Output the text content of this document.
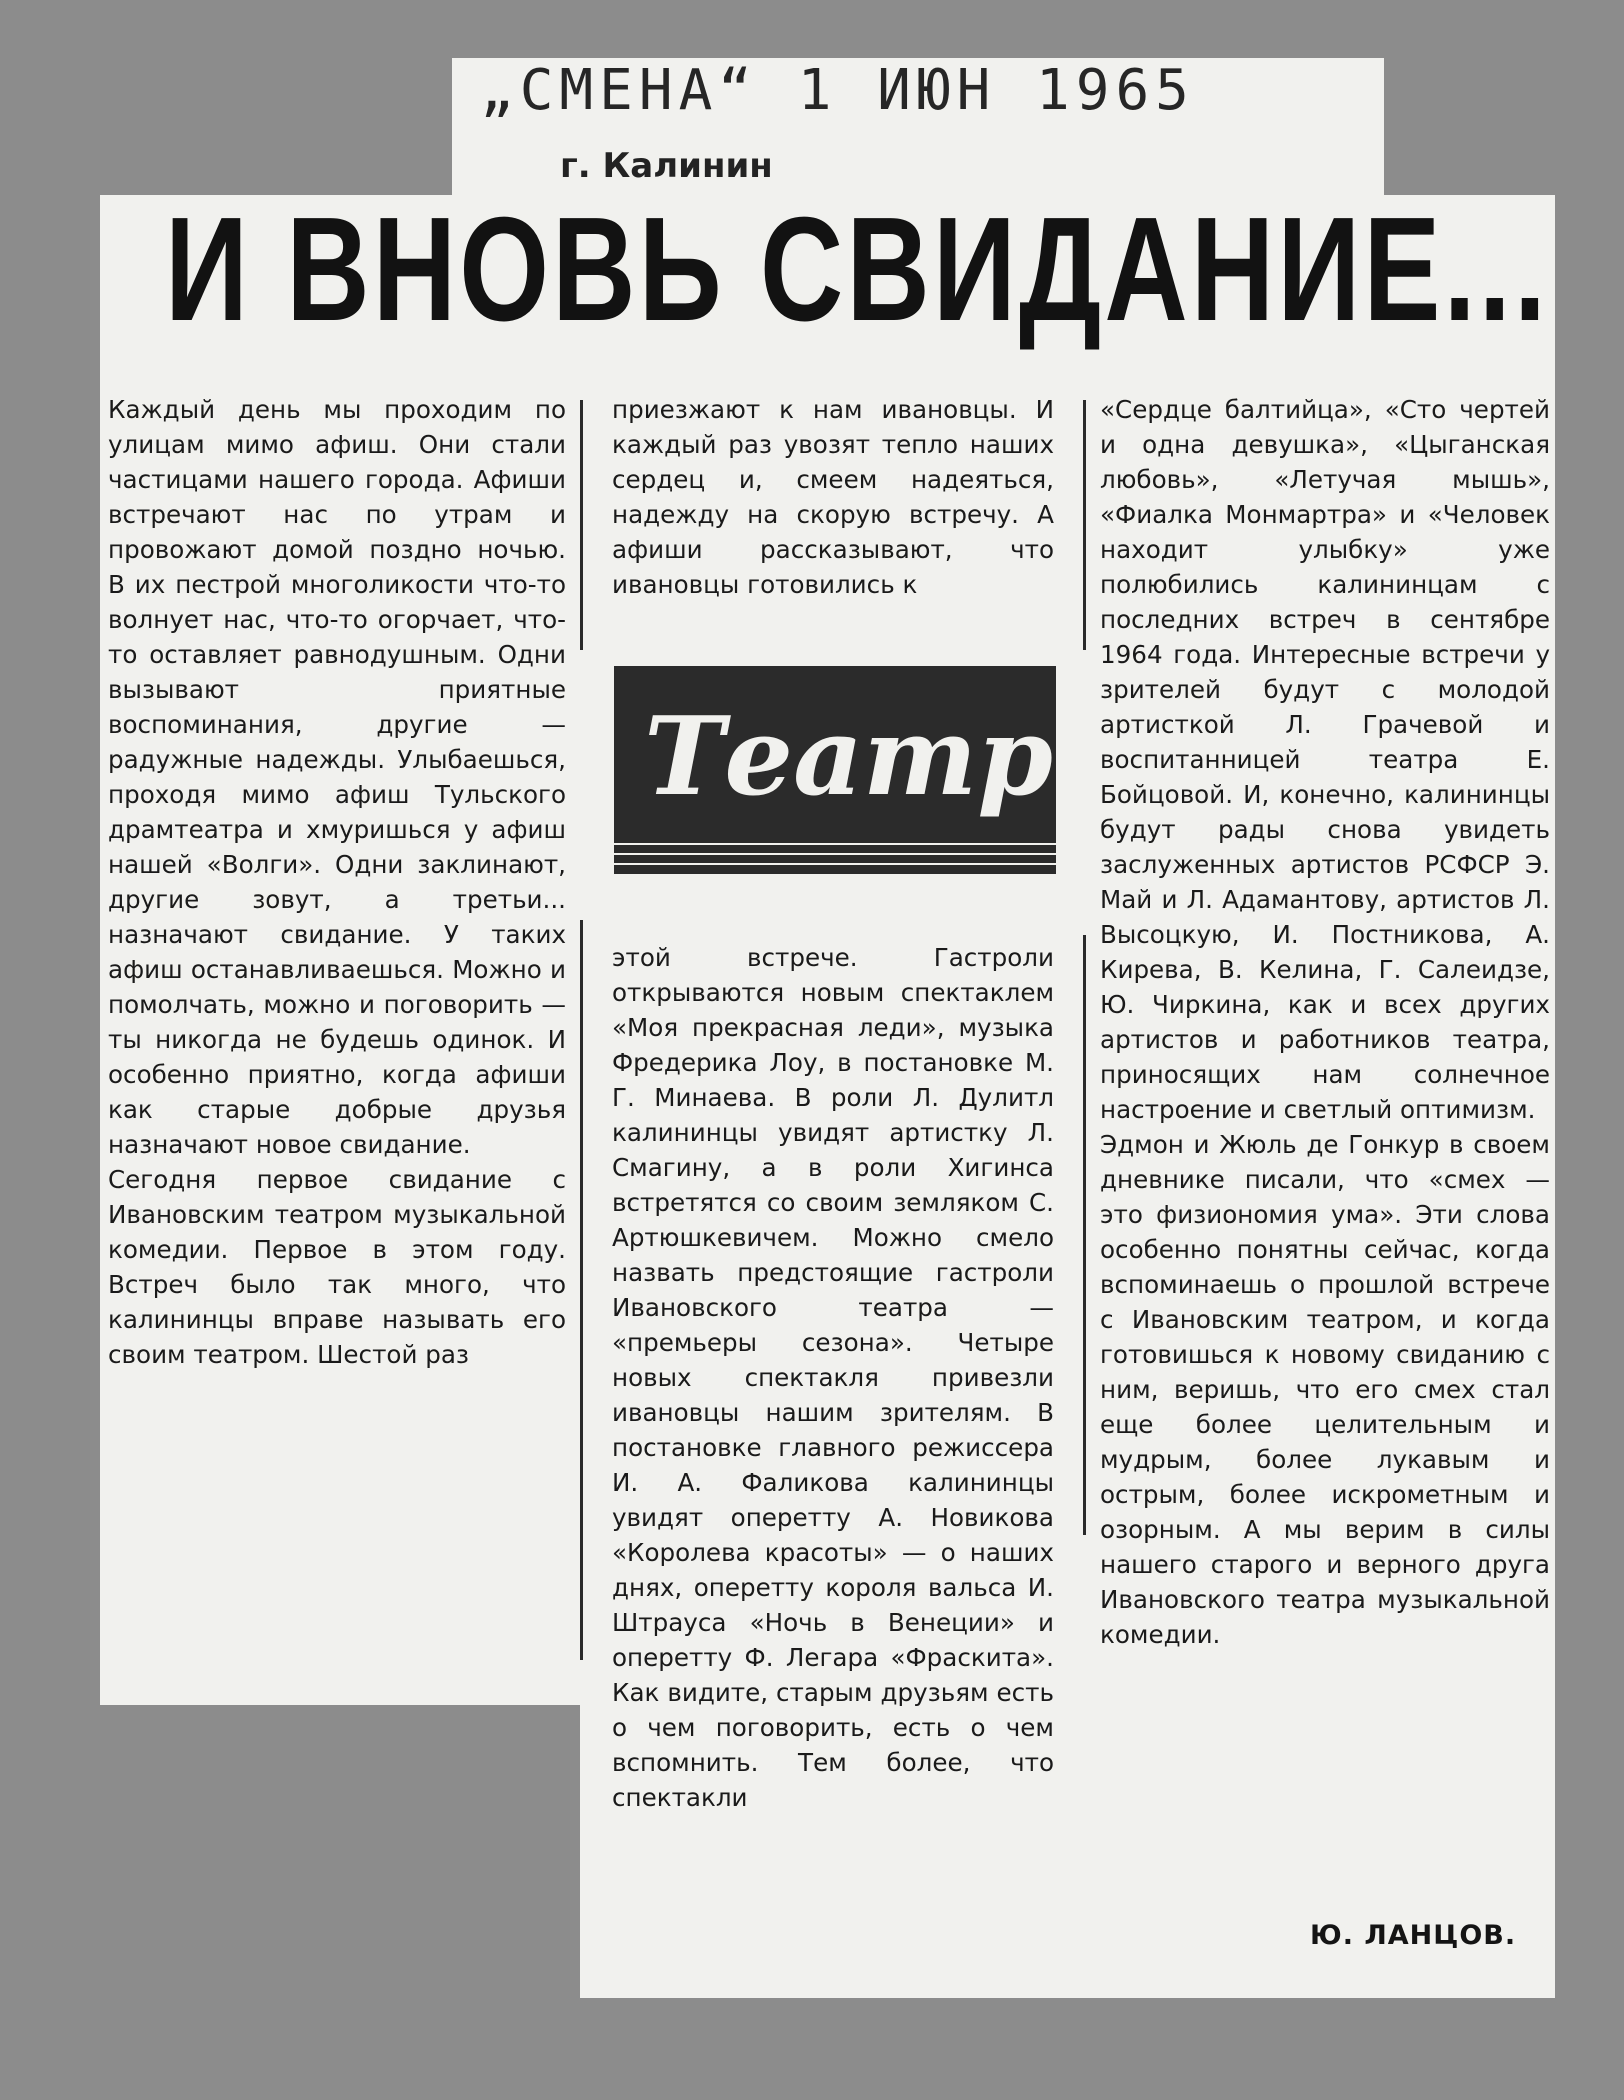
„СМЕНА“ 1 ИЮН 1965
г. Калинин
И ВНОВЬ СВИДАНИЕ...

Каждый день мы проходим по улицам мимо афиш. Они стали частицами нашего города. Афиши встречают нас по утрам и провожают домой поздно ночью. В их пестрой многоликости что-то волнует нас, что-то огорчает, что-то оставляет равнодушным. Одни вызывают приятные воспоминания, другие — радужные надежды. Улыбаешься, проходя мимо афиш Тульского драмтеатра и хмуришься у афиш нашей «Волги». Одни заклинают, другие зовут, а третьи... назначают свидание. У таких афиш останавливаешься. Можно и помолчать, можно и поговорить — ты никогда не будешь одинок. И особенно приятно, когда афиши как старые добрые друзья назначают новое свидание.
Сегодня первое свидание с Ивановским театром музыкальной комедии. Первое в этом году. Встреч было так много, что калининцы вправе называть его своим театром. Шестой раз

приезжают к нам ивановцы. И каждый раз увозят тепло наших сердец и, смеем надеяться, надежду на скорую встречу. А афиши рассказывают, что ивановцы готовились к

Театр

этой встрече. Гастроли открываются новым спектаклем «Моя прекрасная леди», музыка Фредерика Лоу, в постановке М. Г. Минаева. В роли Л. Дулитл калининцы увидят артистку Л. Смагину, а в роли Хигинса встретятся со своим земляком С. Артюшкевичем. Можно смело назвать предстоящие гастроли Ивановского театра — «премьеры сезона». Четыре новых спектакля привезли ивановцы нашим зрителям. В постановке главного режиссера И. А. Фаликова калининцы увидят оперетту А. Новикова «Королева красоты» — о наших днях, оперетту короля вальса И. Штрауса «Ночь в Венеции» и оперетту Ф. Легара «Фраскита». Как видите, старым друзьям есть о чем поговорить, есть о чем вспомнить. Тем более, что спектакли

«Сердце балтийца», «Сто чертей и одна девушка», «Цыганская любовь», «Летучая мышь», «Фиалка Монмартра» и «Человек находит улыбку» уже полюбились калининцам с последних встреч в сентябре 1964 года. Интересные встречи у зрителей будут с молодой артисткой Л. Грачевой и воспитанницей театра Е. Бойцовой. И, конечно, калининцы будут рады снова увидеть заслуженных артистов РСФСР Э. Май и Л. Адамантову, артистов Л. Высоцкую, И. Постникова, А. Кирева, В. Келина, Г. Салеидзе, Ю. Чиркина, как и всех других артистов и работников театра, приносящих нам солнечное настроение и светлый оптимизм.
Эдмон и Жюль де Гонкур в своем дневнике писали, что «смех — это физиономия ума». Эти слова особенно понятны сейчас, когда вспоминаешь о прошлой встрече с Ивановским театром, и когда готовишься к новому свиданию с ним, веришь, что его смех стал еще более целительным и мудрым, более лукавым и острым, более искрометным и озорным. А мы верим в силы нашего старого и верного друга Ивановского театра музыкальной комедии.

Ю. ЛАНЦОВ.
